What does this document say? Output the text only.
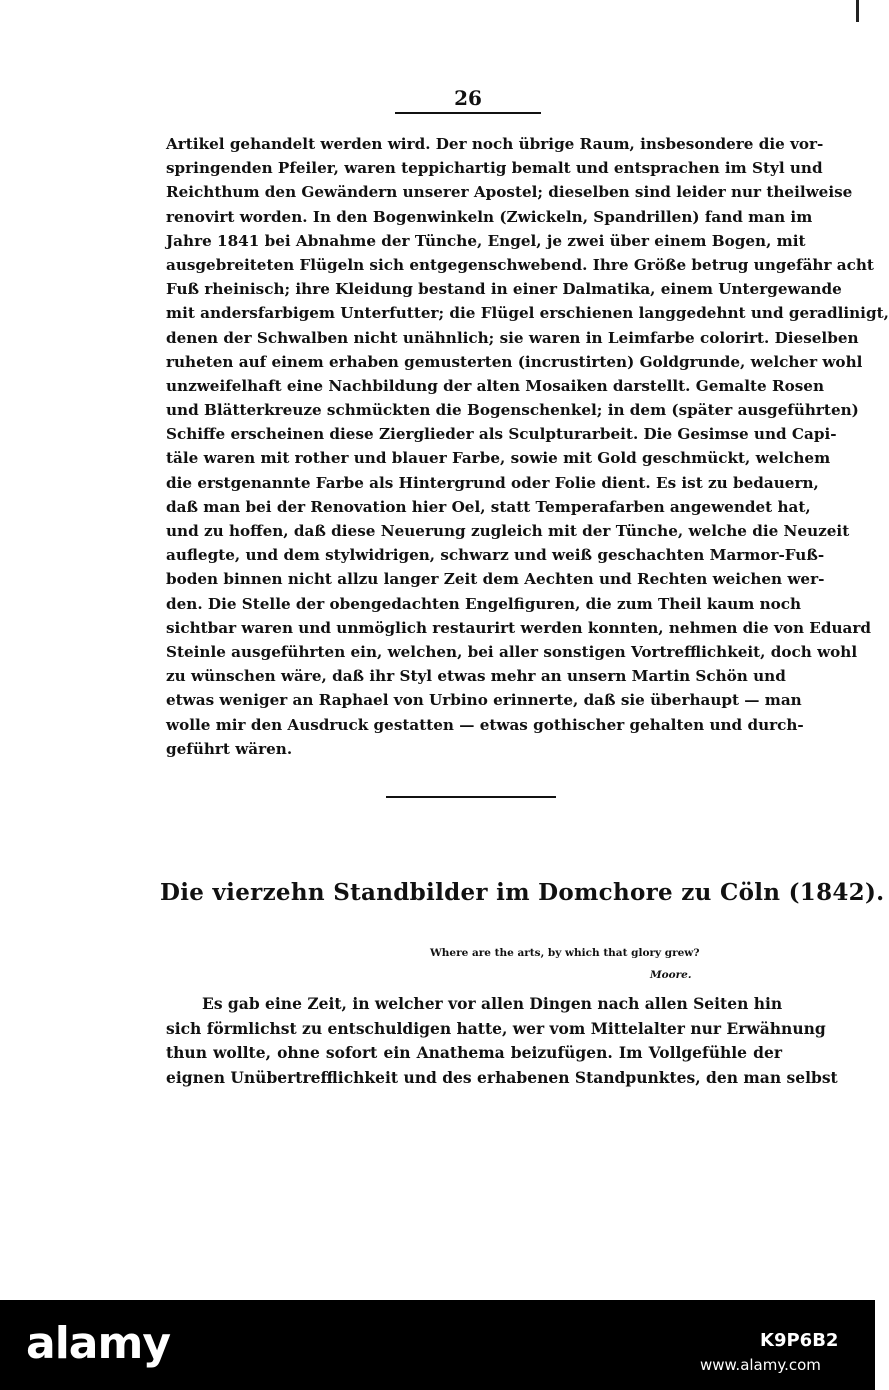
26
Artikel gehandelt werden wird. Der noch übrige Raum, insbesondere die vor-
springenden Pfeiler, waren teppichartig bemalt und entsprachen im Styl und
Reichthum den Gewändern unserer Apostel; dieselben sind leider nur theilweise
renovirt worden. In den Bogenwinkeln (Zwickeln, Spandrillen) fand man im
Jahre 1841 bei Abnahme der Tünche, Engel, je zwei über einem Bogen, mit
ausgebreiteten Flügeln sich entgegenschwebend. Ihre Größe betrug ungefähr acht
Fuß rheinisch; ihre Kleidung bestand in einer Dalmatika, einem Untergewande
mit andersfarbigem Unterfutter; die Flügel erschienen langgedehnt und geradlinigt,
denen der Schwalben nicht unähnlich; sie waren in Leimfarbe colorirt. Dieselben
ruheten auf einem erhaben gemusterten (incrustirten) Goldgrunde, welcher wohl
unzweifelhaft eine Nachbildung der alten Mosaiken darstellt. Gemalte Rosen
und Blätterkreuze schmückten die Bogenschenkel; in dem (später ausgeführten)
Schiffe erscheinen diese Zierglieder als Sculpturarbeit. Die Gesimse und Capi-
täle waren mit rother und blauer Farbe, sowie mit Gold geschmückt, welchem
die erstgenannte Farbe als Hintergrund oder Folie dient. Es ist zu bedauern,
daß man bei der Renovation hier Oel, statt Temperafarben angewendet hat,
und zu hoffen, daß diese Neuerung zugleich mit der Tünche, welche die Neuzeit
auflegte, und dem stylwidrigen, schwarz und weiß geschachten Marmor-Fuß-
boden binnen nicht allzu langer Zeit dem Aechten und Rechten weichen wer-
den. Die Stelle der obengedachten Engelfiguren, die zum Theil kaum noch
sichtbar waren und unmöglich restaurirt werden konnten, nehmen die von Eduard
Steinle ausgeführten ein, welchen, bei aller sonstigen Vortrefflichkeit, doch wohl
zu wünschen wäre, daß ihr Styl etwas mehr an unsern Martin Schön und
etwas weniger an Raphael von Urbino erinnerte, daß sie überhaupt — man
wolle mir den Ausdruck gestatten — etwas gothischer gehalten und durch-
geführt wären.
Die vierzehn Standbilder im Domchore zu Cöln (1842).
Where are the arts, by which that glory grew?
Moore.
Es gab eine Zeit, in welcher vor allen Dingen nach allen Seiten hin
sich förmlichst zu entschuldigen hatte, wer vom Mittelalter nur Erwähnung
thun wollte, ohne sofort ein Anathema beizufügen. Im Vollgefühle der
eignen Unübertrefflichkeit und des erhabenen Standpunktes, den man selbst
alamy	K9P6B2
www.alamy.com
